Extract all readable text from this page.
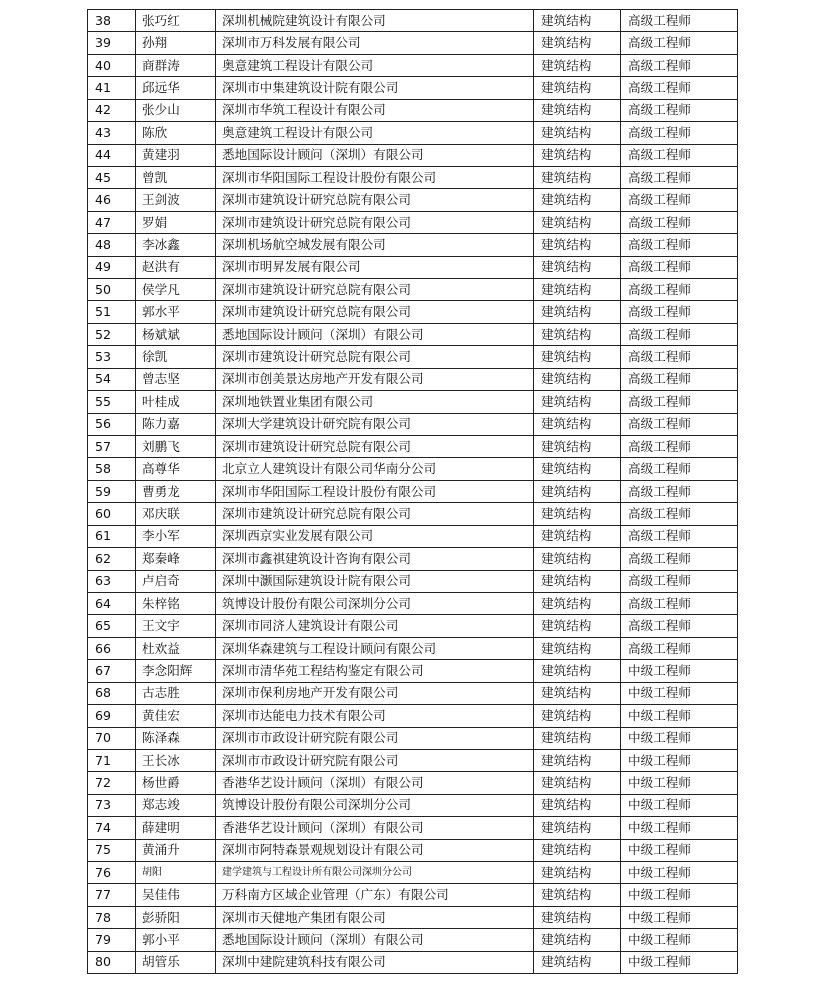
38	张巧红	深圳机械院建筑设计有限公司	建筑结构	高级工程师
39	孙翔	深圳市万科发展有限公司	建筑结构	高级工程师
40	商群涛	奥意建筑工程设计有限公司	建筑结构	高级工程师
41	邱远华	深圳市中集建筑设计院有限公司	建筑结构	高级工程师
42	张少山	深圳市华筑工程设计有限公司	建筑结构	高级工程师
43	陈欣	奥意建筑工程设计有限公司	建筑结构	高级工程师
44	黄建羽	悉地国际设计顾问（深圳）有限公司	建筑结构	高级工程师
45	曾凯	深圳市华阳国际工程设计股份有限公司	建筑结构	高级工程师
46	王剑波	深圳市建筑设计研究总院有限公司	建筑结构	高级工程师
47	罗娟	深圳市建筑设计研究总院有限公司	建筑结构	高级工程师
48	李冰鑫	深圳机场航空城发展有限公司	建筑结构	高级工程师
49	赵洪有	深圳市明昇发展有限公司	建筑结构	高级工程师
50	侯学凡	深圳市建筑设计研究总院有限公司	建筑结构	高级工程师
51	郭水平	深圳市建筑设计研究总院有限公司	建筑结构	高级工程师
52	杨斌斌	悉地国际设计顾问（深圳）有限公司	建筑结构	高级工程师
53	徐凯	深圳市建筑设计研究总院有限公司	建筑结构	高级工程师
54	曾志坚	深圳市创美景达房地产开发有限公司	建筑结构	高级工程师
55	叶桂成	深圳地铁置业集团有限公司	建筑结构	高级工程师
56	陈力嘉	深圳大学建筑设计研究院有限公司	建筑结构	高级工程师
57	刘鹏飞	深圳市建筑设计研究总院有限公司	建筑结构	高级工程师
58	高尊华	北京立人建筑设计有限公司华南分公司	建筑结构	高级工程师
59	曹勇龙	深圳市华阳国际工程设计股份有限公司	建筑结构	高级工程师
60	邓庆联	深圳市建筑设计研究总院有限公司	建筑结构	高级工程师
61	李小军	深圳西京实业发展有限公司	建筑结构	高级工程师
62	郑秦峰	深圳市鑫祺建筑设计咨询有限公司	建筑结构	高级工程师
63	卢启奇	深圳中灏国际建筑设计院有限公司	建筑结构	高级工程师
64	朱梓铭	筑博设计股份有限公司深圳分公司	建筑结构	高级工程师
65	王文宇	深圳市同济人建筑设计有限公司	建筑结构	高级工程师
66	杜欢益	深圳华森建筑与工程设计顾问有限公司	建筑结构	高级工程师
67	李念阳辉	深圳市清华苑工程结构鉴定有限公司	建筑结构	中级工程师
68	古志胜	深圳市保利房地产开发有限公司	建筑结构	中级工程师
69	黄佳宏	深圳市达能电力技术有限公司	建筑结构	中级工程师
70	陈泽森	深圳市市政设计研究院有限公司	建筑结构	中级工程师
71	王长冰	深圳市市政设计研究院有限公司	建筑结构	中级工程师
72	杨世爵	香港华艺设计顾问（深圳）有限公司	建筑结构	中级工程师
73	郑志竣	筑博设计股份有限公司深圳分公司	建筑结构	中级工程师
74	薛建明	香港华艺设计顾问（深圳）有限公司	建筑结构	中级工程师
75	黄涌升	深圳市阿特森景观规划设计有限公司	建筑结构	中级工程师
76	胡阳	建学建筑与工程设计所有限公司深圳分公司	建筑结构	中级工程师
77	吴佳伟	万科南方区域企业管理（广东）有限公司	建筑结构	中级工程师
78	彭骄阳	深圳市天健地产集团有限公司	建筑结构	中级工程师
79	郭小平	悉地国际设计顾问（深圳）有限公司	建筑结构	中级工程师
80	胡管乐	深圳中建院建筑科技有限公司	建筑结构	中级工程师
